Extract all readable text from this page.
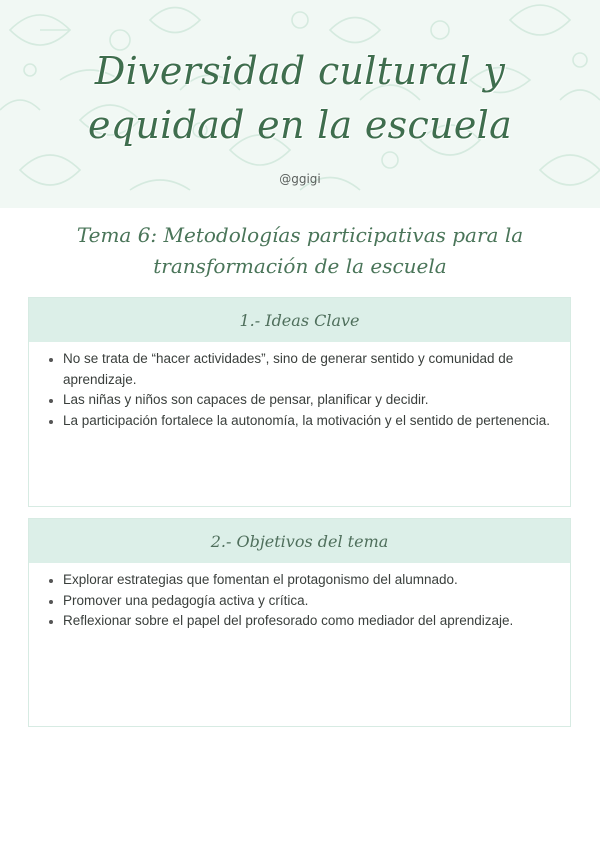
Diversidad cultural y
equidad en la escuela
@ggigi
Tema 6: Metodologías participativas para la
transformación de la escuela
1.- Ideas Clave
• No se trata de “hacer actividades”, sino de generar sentido y comunidad de aprendizaje.
• Las niñas y niños son capaces de pensar, planificar y decidir.
• La participación fortalece la autonomía, la motivación y el sentido de pertenencia.
2.- Objetivos del tema
• Explorar estrategias que fomentan el protagonismo del alumnado.
• Promover una pedagogía activa y crítica.
• Reflexionar sobre el papel del profesorado como mediador del aprendizaje.
